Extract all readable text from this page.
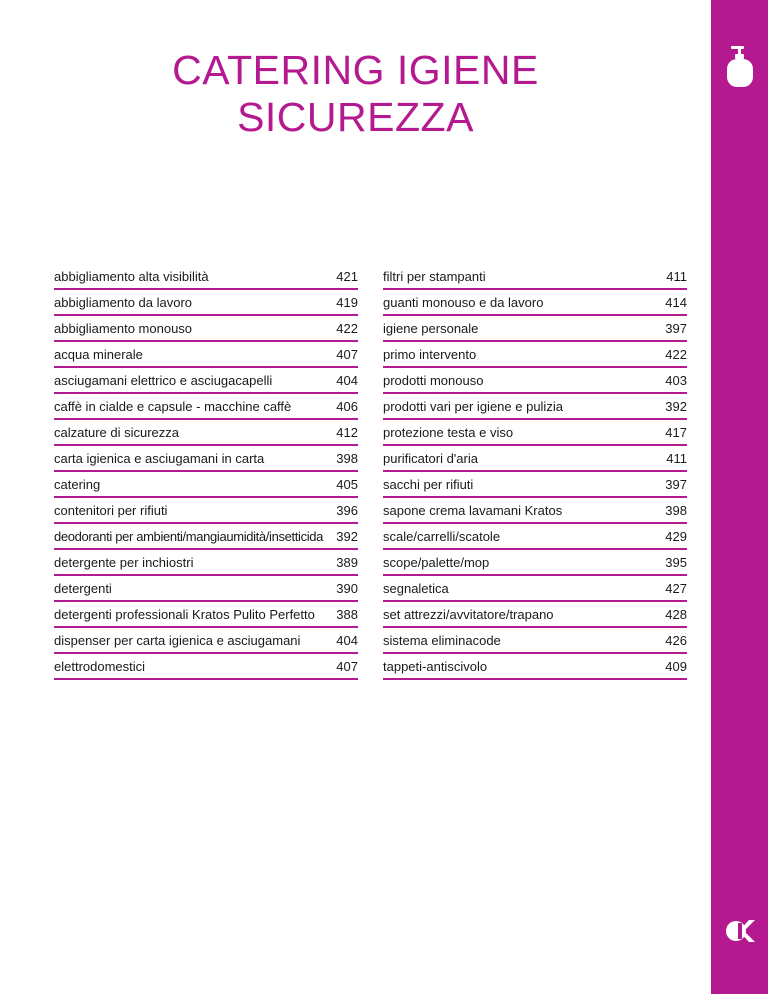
CATERING IGIENE
SICUREZZA
abbigliamento alta visibilità	421
abbigliamento da lavoro	419
abbigliamento monouso	422
acqua minerale	407
asciugamani elettrico e asciugacapelli	404
caffè in cialde e capsule - macchine caffè	406
calzature di sicurezza	412
carta igienica e asciugamani in carta	398
catering	405
contenitori per rifiuti	396
deodoranti per ambienti/mangiaumidità/insetticida 392
detergente per inchiostri	389
detergenti	390
detergenti professionali Kratos Pulito Perfetto 388
dispenser per carta igienica e asciugamani	404
elettrodomestici	407
filtri per stampanti	411
guanti monouso e da lavoro	414
igiene personale	397
primo intervento	422
prodotti monouso	403
prodotti vari per igiene e pulizia	392
protezione testa e viso	417
purificatori d'aria	411
sacchi per rifiuti	397
sapone crema lavamani Kratos	398
scale/carrelli/scatole	429
scope/palette/mop	395
segnaletica	427
set attrezzi/avvitatore/trapano	428
sistema eliminacode	426
tappeti-antiscivolo	409
